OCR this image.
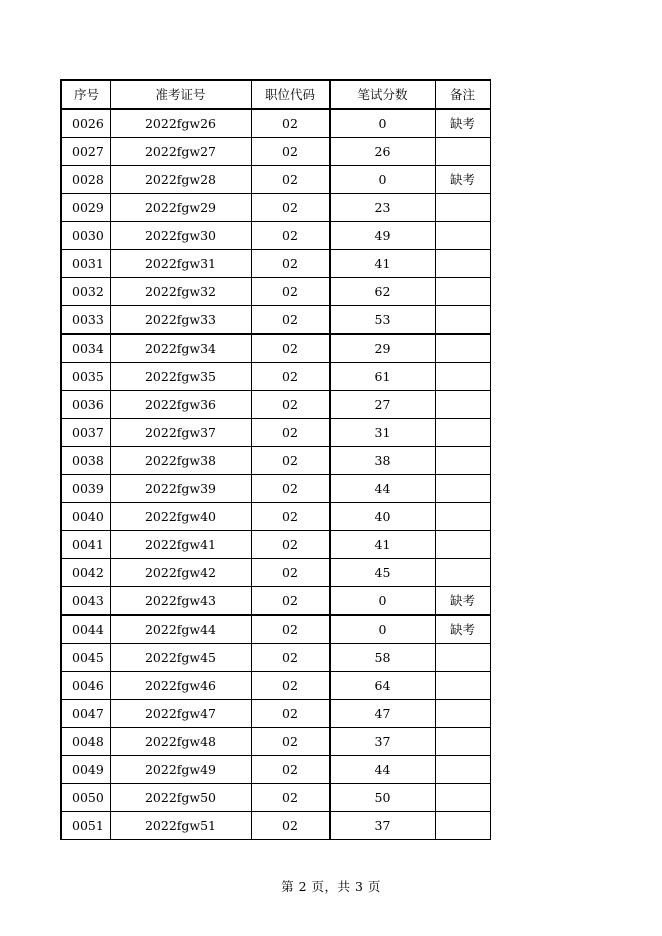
序号	准考证号	职位代码	笔试分数	备注
0026	2022fgw26	02	0	缺考
0027	2022fgw27	02	26	
0028	2022fgw28	02	0	缺考
0029	2022fgw29	02	23	
0030	2022fgw30	02	49	
0031	2022fgw31	02	41	
0032	2022fgw32	02	62	
0033	2022fgw33	02	53	
0034	2022fgw34	02	29	
0035	2022fgw35	02	61	
0036	2022fgw36	02	27	
0037	2022fgw37	02	31	
0038	2022fgw38	02	38	
0039	2022fgw39	02	44	
0040	2022fgw40	02	40	
0041	2022fgw41	02	41	
0042	2022fgw42	02	45	
0043	2022fgw43	02	0	缺考
0044	2022fgw44	02	0	缺考
0045	2022fgw45	02	58	
0046	2022fgw46	02	64	
0047	2022fgw47	02	47	
0048	2022fgw48	02	37	
0049	2022fgw49	02	44	
0050	2022fgw50	02	50	
0051	2022fgw51	02	37	
第 2 页，共 3 页
